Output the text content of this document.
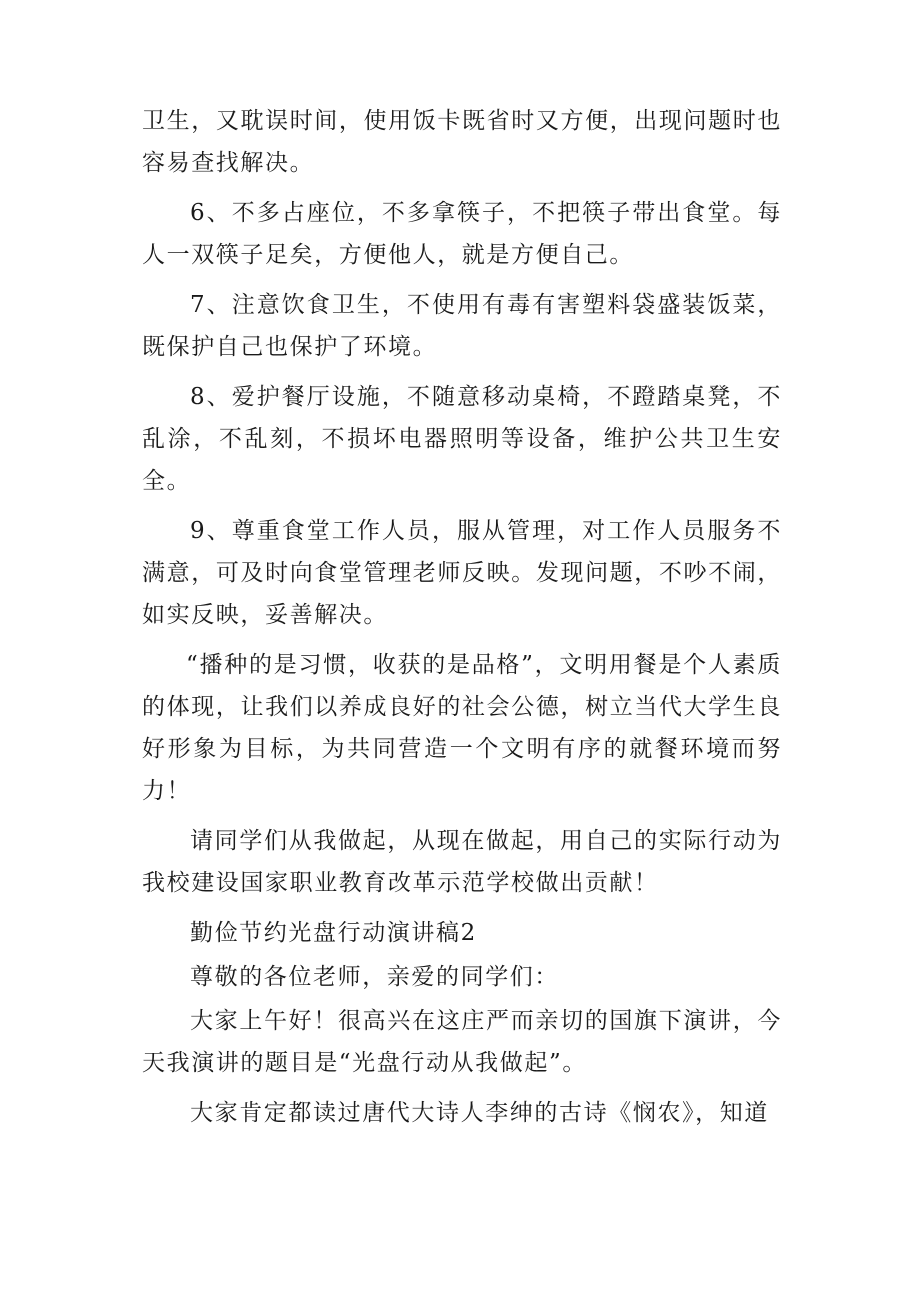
卫生，又耽误时间，使用饭卡既省时又方便，出现问题时也容易查找解决。

6、不多占座位，不多拿筷子，不把筷子带出食堂。每人一双筷子足矣，方便他人，就是方便自己。

7、注意饮食卫生，不使用有毒有害塑料袋盛装饭菜，既保护自己也保护了环境。

8、爱护餐厅设施，不随意移动桌椅，不蹬踏桌凳，不乱涂，不乱刻，不损坏电器照明等设备，维护公共卫生安全。

9、尊重食堂工作人员，服从管理，对工作人员服务不满意，可及时向食堂管理老师反映。发现问题，不吵不闹，如实反映，妥善解决。

“播种的是习惯，收获的是品格”，文明用餐是个人素质的体现，让我们以养成良好的社会公德，树立当代大学生良好形象为目标，为共同营造一个文明有序的就餐环境而努力！

请同学们从我做起，从现在做起，用自己的实际行动为我校建设国家职业教育改革示范学校做出贡献！

勤俭节约光盘行动演讲稿2

尊敬的各位老师，亲爱的同学们：

大家上午好！很高兴在这庄严而亲切的国旗下演讲，今天我演讲的题目是“光盘行动从我做起”。

大家肯定都读过唐代大诗人李绅的古诗《悯农》，知道
